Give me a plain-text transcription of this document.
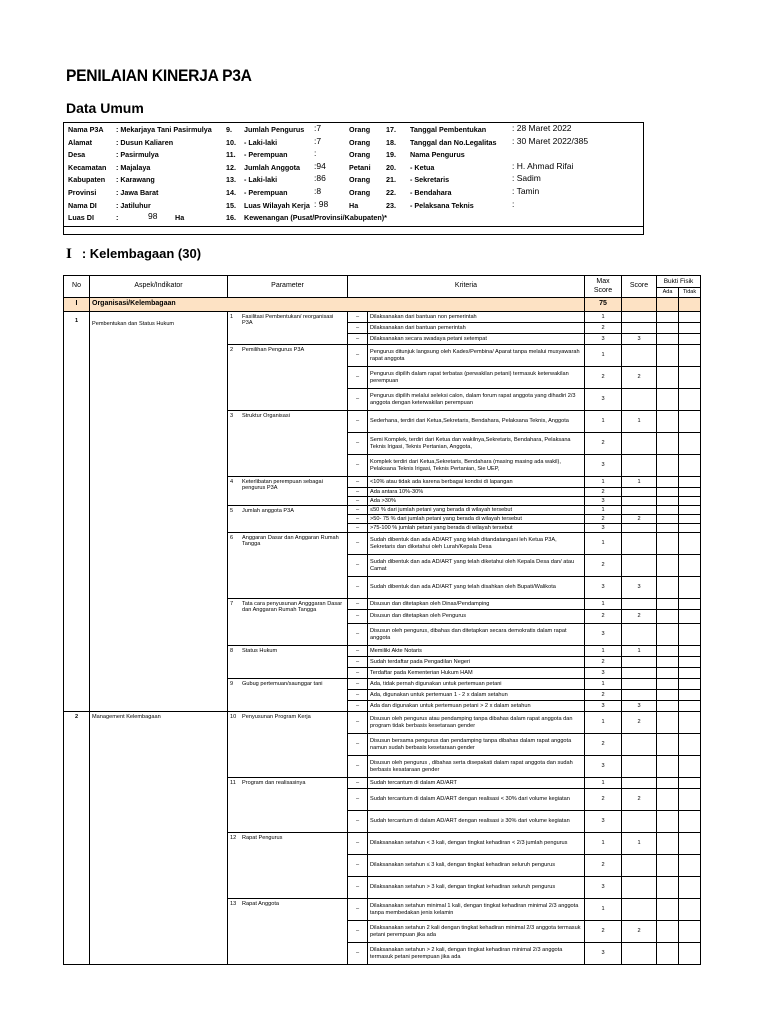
PENILAIAN KINERJA P3A
Data Umum
Nama P3A : Mekarjaya Tani Pasirmulya
Alamat	: Dusun Kaliaren
Desa	: Pasirmulya
Kecamatan : Majalaya
Kabupaten : Karawang
Provinsi	: Jawa Barat
Nama DI	: Jatiluhur
Luas DI	:	98 Ha
9. Jumlah Pengurus :7	Orang
10. - Laki-laki	:7	Orang
11. - Perempuan	:	Orang
12. Jumlah Anggota :94	Petani
13. - Laki-laki	:86	Orang
14. - Perempuan	:8	Orang
15. Luas Wilayah Kerja : 98	Ha
16. Kewenangan (Pusat/Provinsi/Kabupaten)*
17. Tanggal Pembentukan	: 28 Maret 2022
18. Tanggal dan No.Legalitas : 30 Maret 2022/385
19. Nama Pengurus
20. - Ketua	: H. Ahmad Rifai
21. - Sekretaris	: Sadim
22. - Bendahara	: Tamin
23. - Pelaksana Teknis	:
I : Kelembagaan (30)
No	Aspek/Indikator	Parameter	Kriteria		Max Score	Score	Bukti Fisik	
							Ada	Tidak
I	Organisasi/Kelembagaan				75			
1	Pembentukan dan Status Hukum	1 Fasilitasi Pembentukan/ reorganisasi P3A	–	Dilaksanakan dari bantuan non pemerintah	1			
			–	Dilaksanakan dari bantuan pemerintah	2			
			–	Dilaksanakan secara swadaya petani setempat	3	3		

		2 Pemilihan Pengurus P3A	–	Pengurus ditunjuk langsung oleh Kades/Pembina/ Aparat tanpa melalui musyawarah rapat anggota	1			
			–	Pengurus dipilih dalam rapat terbatas (perwakilan petani) termasuk keterwakilan perempuan	2	2		
			–	Pengurus dipilih melalui seleksi calon, dalam forum rapat anggota yang dihadiri 2/3 anggota dengan keterwakilan perempuan	3			

		3 Struktur Organisasi	–	Sederhana, terdiri dari Ketua,Sekretaris, Bendahara, Pelaksana Teknis, Anggota	1	1		
			–	Semi Komplek, terdiri dari Ketua dan wakilnya,Sekretaris, Bendahara, Pelaksana Teknis Irigasi, Teknis Pertanian, Anggota,	2			
			–	Komplek terdiri dari Ketua,Sekretaris, Bendahara (masing masing ada wakil), Pelaksana Teknis Irigasi, Teknis Pertanian, Sie UEP,	3			

		4 Keterlibatan perempuan sebagai pengurus P3A	–	<10% atau tidak ada karena berbagai kondisi di lapangan	1	1		
			–	Ada antara 10%-30%	2			
			–	Ada >30%	3			

		5 Jumlah anggota P3A	–	≤50 % dari jumlah petani yang berada di wilayah tersebut	1			
			–	>50- 75 % dari jumlah petani yang berada di wilayah tersebut	2	2		
			–	>75-100 % jumlah petani yang berada di wilayah tersebut	3			

		6 Anggaran Dasar dan Anggaran Rumah Tangga	–	Sudah dibentuk dan ada AD/ART yang telah ditandatangani leh Ketua P3A, Sekretaris dan diketahui oleh Lurah/Kepala Desa	1			
			–	Sudah dibentuk dan ada AD/ART yang telah diketahui oleh Kepala Desa dan/ atau Camat	2			
			–	Sudah dibentuk dan ada AD/ART yang telah disahkan oleh Bupati/Walikota	3	3		

		7 Tata cara penyusunan Angggaran Dasar dan Anggaran Rumah Tangga	–	Disusun dan ditetapkan oleh Dinas/Pendamping	1			
			–	Disusun dan ditetapkan oleh Pengurus	2	2		
			–	Disusun oleh pengurus, dibahas dan ditetapkan secara demokratis dalam rapat anggota	3			

		8 Status Hukum	–	Memiliki Akte Notaris	1	1		
			–	Sudah terdaftar pada Pengadilan Negeri	2			
			–	Terdaftar pada Kementerian Hukum HAM	3			

		9 Gubug pertemuan/saunggar tani	–	Ada, tidak pernah digunakan untuk pertemuan petani	1			
			–	Ada, digunakan untuk pertemuan 1 - 2 x dalam setahun	2			
			–	Ada dan digunakan untuk pertemuan petani > 2 x dalam setahun	3	3		
2	Management Kelembagaan	10 Penyusunan Program Kerja	–	Disusun oleh pengurus atau pendamping tanpa dibahas dalam rapat anggota dan program tidak berbasis kesetaraan gender	1	2		
			–	Disusun bersama pengurus dan pendamping tanpa dibahas dalam rapat anggota namun sudah berbasis kesetaraan gender	2			
			–	Disusun oleh pengurus , dibahas serta disepakati dalam rapat anggota dan sudah berbasis kesataraan gender	3			

		11 Program dan realisasinya	–	Sudah tercantum di dalam AD/ART	1			
			–	Sudah tercantum di dalam AD/ART dengan realisasi < 30% dari volume kegiatan	2	2		
			–	Sudah tercantum di dalam AD/ART dengan realisasi ≥ 30% dari volume kegiatan	3			

		12 Rapat Pengurus	–	Dilaksanakan setahun < 3 kali, dengan tingkat kehadiran < 2/3 jumlah pengurus	1	1		
			–	Dilaksanakan setahun ≤ 3 kali, dengan tingkat kehadiran seluruh pengurus	2			
			–	Dilaksanakan setahun > 3 kali, dengan tingkat kehadiran seluruh pengurus	3			

		13 Rapat Anggota	–	Dilaksanakan setahun minimal 1 kali, dengan tingkat kehadiran minimal 2/3 anggota tanpa membedakan jenis kelamin	1			
			–	Dilaksanakan setahun 2 kali dengan tingkat kehadiran minimal 2/3 anggota termasuk petani perempuan jika ada	2	2		
			–	Dilaksanakan setahun > 2 kali, dengan tingkat kehadiran minimal 2/3 anggota termasuk petani perempuan jika ada	3			
